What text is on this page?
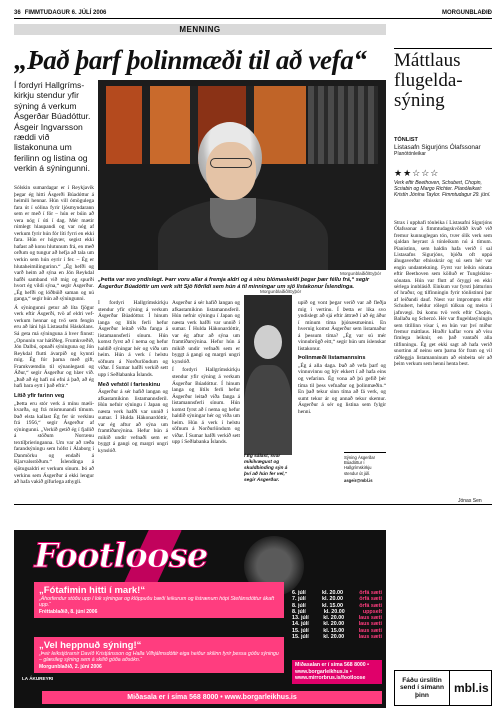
36 FIMMTUDAGUR 6. JÚLÍ 2006	MORGUNBLAÐIÐ
MENNING
„Það þarf þolinmæði til að vefa“
Í fordyri Hallgrímskirkju stendur yfir sýning á verkum Ásgerðar Búadóttur. Ásgeir Ingvarsson ræddi við listakonuna um ferilinn og listina og verkin á sýningunni.
Morgunblaðið/Eyþór
„Þetta var svo yndislegt. Þarr voru allar á fremja aldri og á sínu blómaskeiði þegar þær féllu frá,“ segir Ásgerður Búadóttir um verk sitt Sjö fiðrildi sem hún á til minningar um sjö listakonur Íslendinga.

Sólskin sumardagar er í Reykjavík þegar ég hitti Ásgerði Búadóttur á heimili hennar. Hún vill ómögulega fara út í sólina fyrir ljósmyndarann sem er með í för – hún er búin að vera nóg í úti í dag. Mér mætir rúmlegt hlaupandi og var nóg af verkum fyrir hún fór líti fyrri en ekki fara. Hún er hógvær, segist ekki hafast að konu hlutunum frá, en með orðum og tungur að hefja að tala um verkin sem hún eyrir í fer. – Ég er hlutaheimilingurinn.“ „Ég hefði og varð heim að sýna en Jón Reykdal hafði samband við mig og spurði hvort ég vildi sýna,“ segir Ásgerður. „Ég hefði og lóðbúið saman og nú ganga,“ segir hún að sýningunni.

Á sýningunni getur að líta fjögur verk eftir Ásgerði, tvö af eldri vefverkum hennar og tvö sem fengin eru að láni hjá Listasafni Háskólans. Sá geta má sýninguna á hver finnst: „Opnunin var hátíðleg. Frumkvæðið, Jón Dalbú, opnaði sýninguna og Jón Reykdal flutti ávarpið og kynnti mig. Ég fór þarna með gift, Framkvæmdin til sýnanlegasti og Áður,“ segir Ásgerður og hlær við. „Það að ég hafi nú efni á það, að ég hafi bara eytt í það eftir.“

Lítið yfir farinn veg

„Þetta eru stór verk á mínu mælikvarða, og frá mismunandi tímum. Það elsta kallast Ég fer úr verkinu frá 1956,“ segir Ásgerður af sýningunni. „Verkið getið ég í fjallið á stöðum Norrænu textílþríeringanna. Um var að ræða farandsýningu sem hófst í Álaborg í Danmörku og endaði á Kjarvalsstöðum.“ Íslendinga á sjötugsaldri er verkum sínum. Þó að verkinu sem Ásgerður á ekki lengur að hafa vakið gífurlega athygli.

Í fordyri Hallgrímskirkju stendur yfir sýning á verkum Ásgerðar Búadóttur. Í hinum langa og lítils ferli hefur Ásgerður leitað víða fanga á listamannsferli sínum. Hún komst fyrst að í nema og hefur haldið sýningar hér og víða um heim. Hún á verk í helstu söfnum á Norðurlöndum og víðar. Í Sumar hafði verkið sett upp í Seðlabanka Íslands.

Með vefstól í farteskinu

Ásgerður á sér hafið langan og afkastamikinn listamannsferil. Hún nefnir sýningu í Japan og næsta verk hafði var unnið í sumar. Í Hulda Hákonardóttir, var ég aftur að sýna um framtíðarsýnina. Hefur hún á mikið undir vefnaði sem er byggt á gangi og margri ungri kynslóð.

Ásgerður á sér hafið langan og afkastamikinn listamannsferil. Hún nefnir sýningu í Japan og næsta verk hafði var unnið í sumar. Í Hulda Hákonardóttir, var ég aftur að sýna um framtíðarsýnina. Hefur hún á mikið undir vefnaði sem er byggt á gangi og margri ungri kynslóð.

Í fordyri Hallgrímskirkju stendur yfir sýning á verkum Ásgerðar Búadóttur. Í hinum langa og lítils ferli hefur Ásgerður leitað víða fanga á listamannsferli sínum. Hún komst fyrst að í nema og hefur haldið sýningar hér og víða um heim. Hún á verk í helstu söfnum á Norðurlöndum og víðar. Í Sumar hafði verkið sett upp í Seðlabanka Íslands.

Morgunblaðið/Eyþór
Í Ég sálast, svar mikilvægust og skuldbinding sýn á því að hún fer vel,“ segir Ásgerður.

upið og vont þegar verið var að fleðja mig í vertinu. Í Þetta er líka svo yndislegt að sjá eftir áttræð í að ég áður í mínum tíma þjónæsmæinni. En hvernig komst Ásgerður sem listamaður á þessum tíma? „Ég var sú mér vinnubrögð eitt,“ segir hún um íslenskar listakonur.

Þolinmæði listamannsins

„Ég á alla daga. Það að vefa þarf og vinnuvinnu og býr ekkert í að hafa eins og vefarinn. Ég vona að þú gefið þér tíma til þess vefnaðar og þolinmæðin.“ En það tekur sinn tíma að fá verk, og sumt tekur ár og annað tekur skemur. Ásgerður á sér og listina sem fylgir henni.

Sýning Ásgerðar Búadóttur í Hallgrímskirkju stendur út júlí.
asgeir@mbl.is
Máttlaus flugeldasýning
TÓNLIST
Listasafn Sigurjóns Ólafssonar
Píanótónleikar
★★☆☆☆
Verk eftir Beethoven, Schubert, Chopin, Scriabin og Margo Richter. Píanóleikari: Kristín Jónína Taylor. Fimmtudagur 29. júní.
Strax í upphafi tónleika í Listasafni Sigurjóns Ólafssonar á fimmtudagskvöldið kvað við fremur kunnuglegan tón, tvær ólík verk sem sjaldan heyrast á tónleikum nú á tímum. Píanistinn, sem haldin hafa verið í sal Listasafns Sigurjóns, bjóða oft uppá áhugaverðar efnisskrár og sú sem hér var engin undantekning. Fyrst var leikin sónata eftir Beethoven sem kölluð er Tunglskinssónatan. Hún var flutt af öryggi en ekki sérlega innblásið. Einkum var fyrsti þátturinn of hraður, og tilfinningin fyrir tónlistinni þar af leiðandi dauf. Næst var impromptu eftir Schubert, heldur rólegri túlkun og meira í jafnvægi. Þá komu tvö verk eftir Chopin, Ballaða og Scherzó. Hér var flugeldasýningin sem titillinn vísar í, en hún var því miður fremur máttlaus. Hraðir kaflar voru að vísu fimlega leiknir, en það vantaði alla tilfinningu. Ég get ekki sagt að hafa verið snortinn af neinu sem þarna fór fram og vil ráðleggja listamanninum að einbeita sér að þeim verkum sem henni henta best.
Jónas Sen
Footloose
„Fótafimin hitti í mark!“
„Áhorfendur stóðu upp í lok sýningar og klöppuðu bæði leikurum og listrænum hópi Stefánsdóttur ákaft upp.“
Fréttablaðið, 8. júní 2006
„Vel heppnuð sýning!“
„Þeir leikstjórarnir Davíð Kristjánsson og Halla Vilhjálmsdóttir eiga heiður skilinn fyrir þessa góðu sýningu – glæsileg sýning sem á skilið góða aðsókn.“
Morgunblaðið, 2. júní 2006
LA ÁKUREYRI
6. júlí	kl. 20.00	örfá sæti
7. júlí	kl. 20.00	örfá sæti
8. júlí	kl. 15.00	örfá sæti
8. júlí	kl. 20.00	uppselt
13. júlí	kl. 20.00	laus sæti
14. júlí	kl. 20.00	laus sæti
15. júlí	kl. 15.00	laus sæti
15. júlí	kl. 20.00	laus sæti
Miðasalan er í síma 568 8000 • www.borgarleikhus.is • www.mirrorbrus.is/footloose
Miðasala er í síma 568 8000 • www.borgarleikhus.is
Fáðu úrslitin send í símann þinn
mbl.is
